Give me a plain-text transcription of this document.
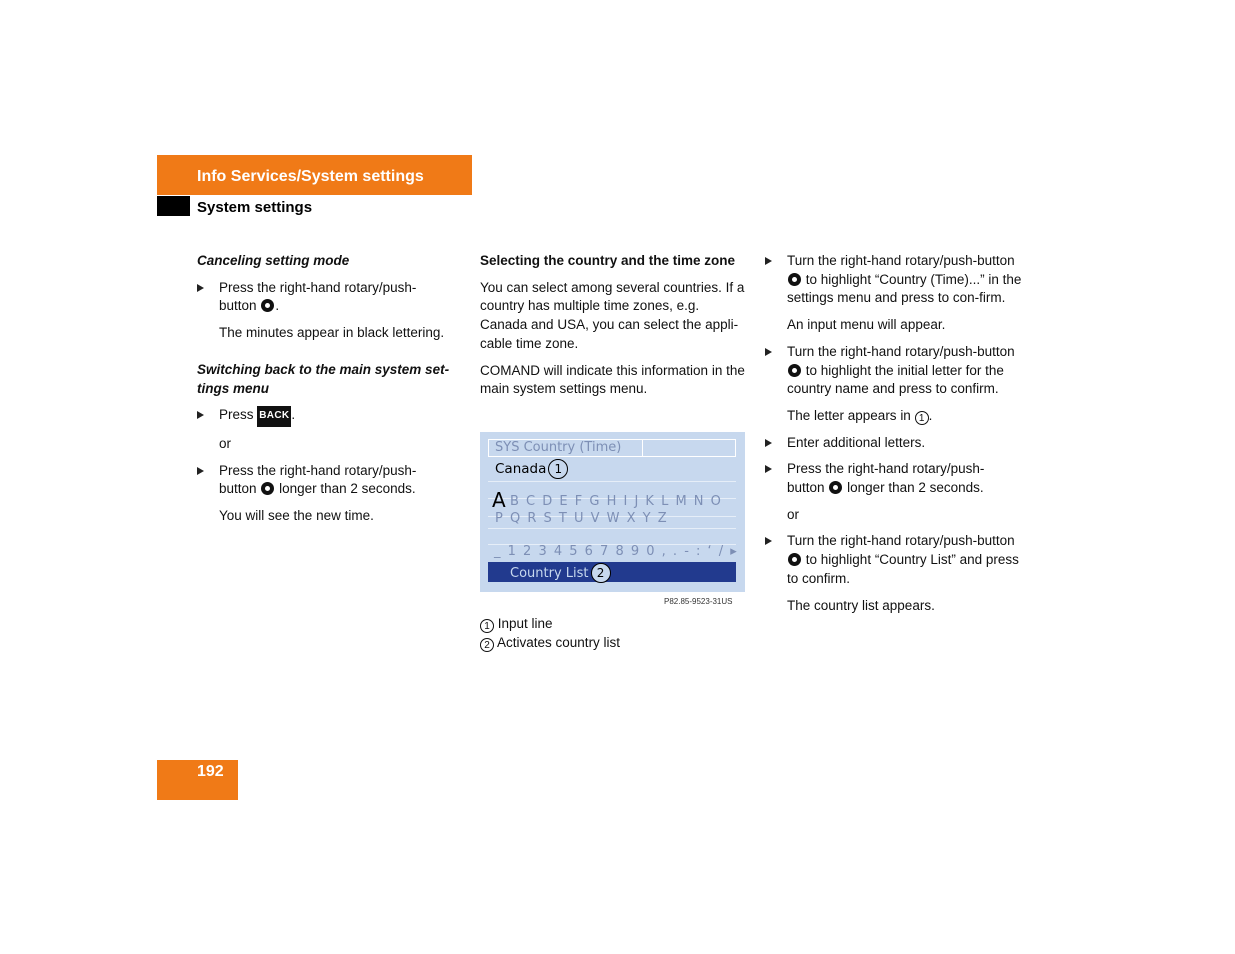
Info Services/System settings
System settings

Canceling setting mode

Press the right-hand rotary/push-
button .

The minutes appear in black lettering.

Switching back to the main system set-tings menu

Press BACK .

or

Press the right-hand rotary/push-
button longer than 2 seconds.

You will see the new time.

Selecting the country and the time zone

You can select among several countries. If a country has multiple time zones, e.g. Canada and USA, you can select the appli-cable time zone.

COMAND will indicate this information in the main system settings menu.

SYS Country (Time)
Canada 1
A B C D E F G H I J K L M N O
P Q R S T U V W X Y Z
_ 1 2 3 4 5 6 7 8 9 0 , . - : ‘ / ▸
Country List 2
P82.85-9523-31US
1 Input line
2 Activates country list
Turn the right-hand rotary/push-button
to highlight “Country (Time)...” in the settings menu and press to con-firm.

An input menu will appear.

Turn the right-hand rotary/push-button
to highlight the initial letter for the country name and press to confirm.

The letter appears in 1 .

Enter additional letters.
Press the right-hand rotary/push-
button longer than 2 seconds.

or

Turn the right-hand rotary/push-button
to highlight “Country List” and press to confirm.

The country list appears.

192
